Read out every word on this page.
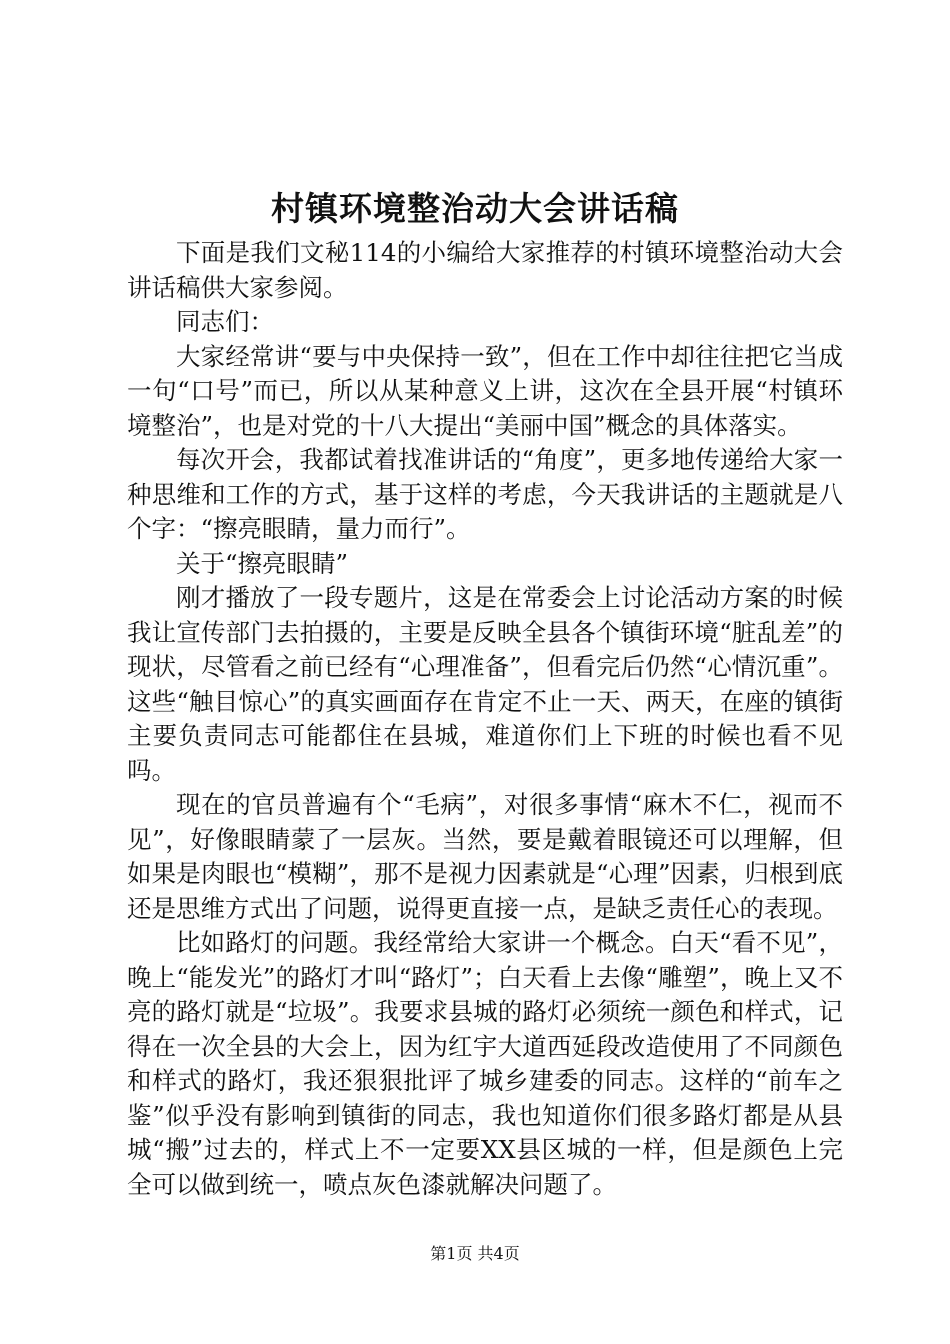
村镇环境整治动大会讲话稿

下面是我们文秘114的小编给大家推荐的村镇环境整治动大会讲话稿供大家参阅。

同志们：

大家经常讲“要与中央保持一致”，但在工作中却往往把它当成一句“口号”而已，所以从某种意义上讲，这次在全县开展“村镇环境整治”，也是对党的十八大提出“美丽中国”概念的具体落实。

每次开会，我都试着找准讲话的“角度”，更多地传递给大家一种思维和工作的方式，基于这样的考虑，今天我讲话的主题就是八个字：“擦亮眼睛，量力而行”。

关于“擦亮眼睛”

刚才播放了一段专题片，这是在常委会上讨论活动方案的时候我让宣传部门去拍摄的，主要是反映全县各个镇街环境“脏乱差”的现状，尽管看之前已经有“心理准备”，但看完后仍然“心情沉重”。这些“触目惊心”的真实画面存在肯定不止一天、两天，在座的镇街主要负责同志可能都住在县城，难道你们上下班的时候也看不见吗。

现在的官员普遍有个“毛病”，对很多事情“麻木不仁，视而不见”，好像眼睛蒙了一层灰。当然，要是戴着眼镜还可以理解，但如果是肉眼也“模糊”，那不是视力因素就是“心理”因素，归根到底还是思维方式出了问题，说得更直接一点，是缺乏责任心的表现。

比如路灯的问题。我经常给大家讲一个概念。白天“看不见”，晚上“能发光”的路灯才叫“路灯”；白天看上去像“雕塑”，晚上又不亮的路灯就是“垃圾”。我要求县城的路灯必须统一颜色和样式，记得在一次全县的大会上，因为红宇大道西延段改造使用了不同颜色和样式的路灯，我还狠狠批评了城乡建委的同志。这样的“前车之鉴”似乎没有影响到镇街的同志，我也知道你们很多路灯都是从县城“搬”过去的，样式上不一定要XX县区城的一样，但是颜色上完全可以做到统一，喷点灰色漆就解决问题了。

第1页 共4页
